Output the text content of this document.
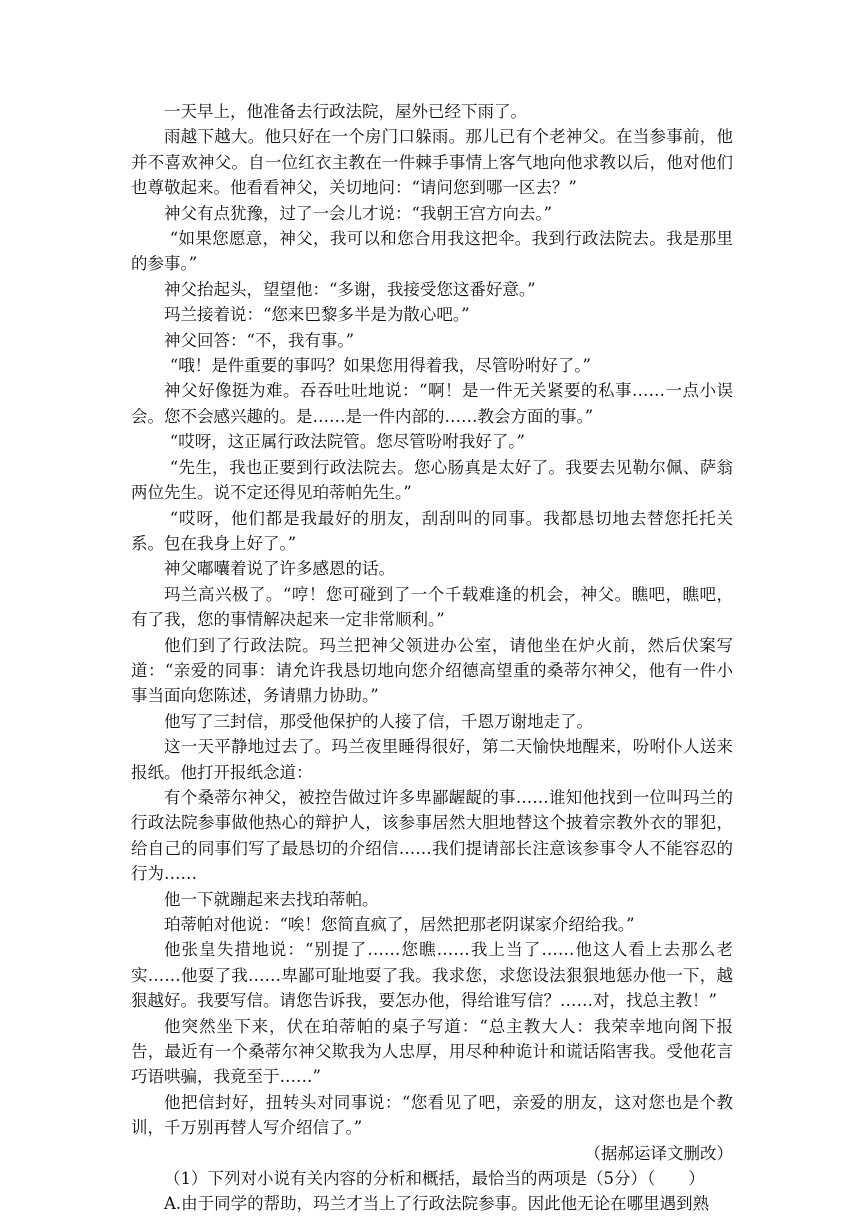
一天早上，他准备去行政法院，屋外已经下雨了。

雨越下越大。他只好在一个房门口躲雨。那儿已有个老神父。在当参事前，他并不喜欢神父。自一位红衣主教在一件棘手事情上客气地向他求教以后，他对他们也尊敬起来。他看看神父，关切地问：“请问您到哪一区去？”

神父有点犹豫，过了一会儿才说：“我朝王宫方向去。”

“如果您愿意，神父，我可以和您合用我这把伞。我到行政法院去。我是那里的参事。”

神父抬起头，望望他：“多谢，我接受您这番好意。”

玛兰接着说：“您来巴黎多半是为散心吧。”

神父回答：“不，我有事。”

“哦！是件重要的事吗？如果您用得着我，尽管吩咐好了。”

神父好像挺为难。吞吞吐吐地说：“啊！是一件无关紧要的私事……一点小误会。您不会感兴趣的。是……是一件内部的……教会方面的事。”

“哎呀，这正属行政法院管。您尽管吩咐我好了。”

“先生，我也正要到行政法院去。您心肠真是太好了。我要去见勒尔佩、萨翁两位先生。说不定还得见珀蒂帕先生。”

“哎呀，他们都是我最好的朋友，刮刮叫的同事。我都恳切地去替您托托关系。包在我身上好了。”

神父嘟囔着说了许多感恩的话。

玛兰高兴极了。“哼！您可碰到了一个千载难逢的机会，神父。瞧吧，瞧吧，有了我，您的事情解决起来一定非常顺利。”

他们到了行政法院。玛兰把神父领进办公室，请他坐在炉火前，然后伏案写道：“亲爱的同事：请允许我恳切地向您介绍德高望重的桑蒂尔神父，他有一件小事当面向您陈述，务请鼎力协助。”

他写了三封信，那受他保护的人接了信，千恩万谢地走了。

这一天平静地过去了。玛兰夜里睡得很好，第二天愉快地醒来，吩咐仆人送来报纸。他打开报纸念道：

有个桑蒂尔神父，被控告做过许多卑鄙龌龊的事……谁知他找到一位叫玛兰的行政法院参事做他热心的辩护人，该参事居然大胆地替这个披着宗教外衣的罪犯，给自己的同事们写了最恳切的介绍信……我们提请部长注意该参事令人不能容忍的行为……

他一下就蹦起来去找珀蒂帕。

珀蒂帕对他说：“唉！您简直疯了，居然把那老阴谋家介绍给我。”

他张皇失措地说：“别提了……您瞧……我上当了……他这人看上去那么老实……他耍了我……卑鄙可耻地耍了我。我求您，求您设法狠狠地惩办他一下，越狠越好。我要写信。请您告诉我，要怎办他，得给谁写信？……对，找总主教！”

他突然坐下来，伏在珀蒂帕的桌子写道：“总主教大人：我荣幸地向阁下报告，最近有一个桑蒂尔神父欺我为人忠厚，用尽种种诡计和谎话陷害我。受他花言巧语哄骗，我竟至于……”

他把信封好，扭转头对同事说：“您看见了吧，亲爱的朋友，这对您也是个教训，千万别再替人写介绍信了。”

（据郝运译文删改）

（1）下列对小说有关内容的分析和概括，最恰当的两项是（5分）（　　）

A.由于同学的帮助，玛兰才当上了行政法院参事。因此他无论在哪里遇到熟
